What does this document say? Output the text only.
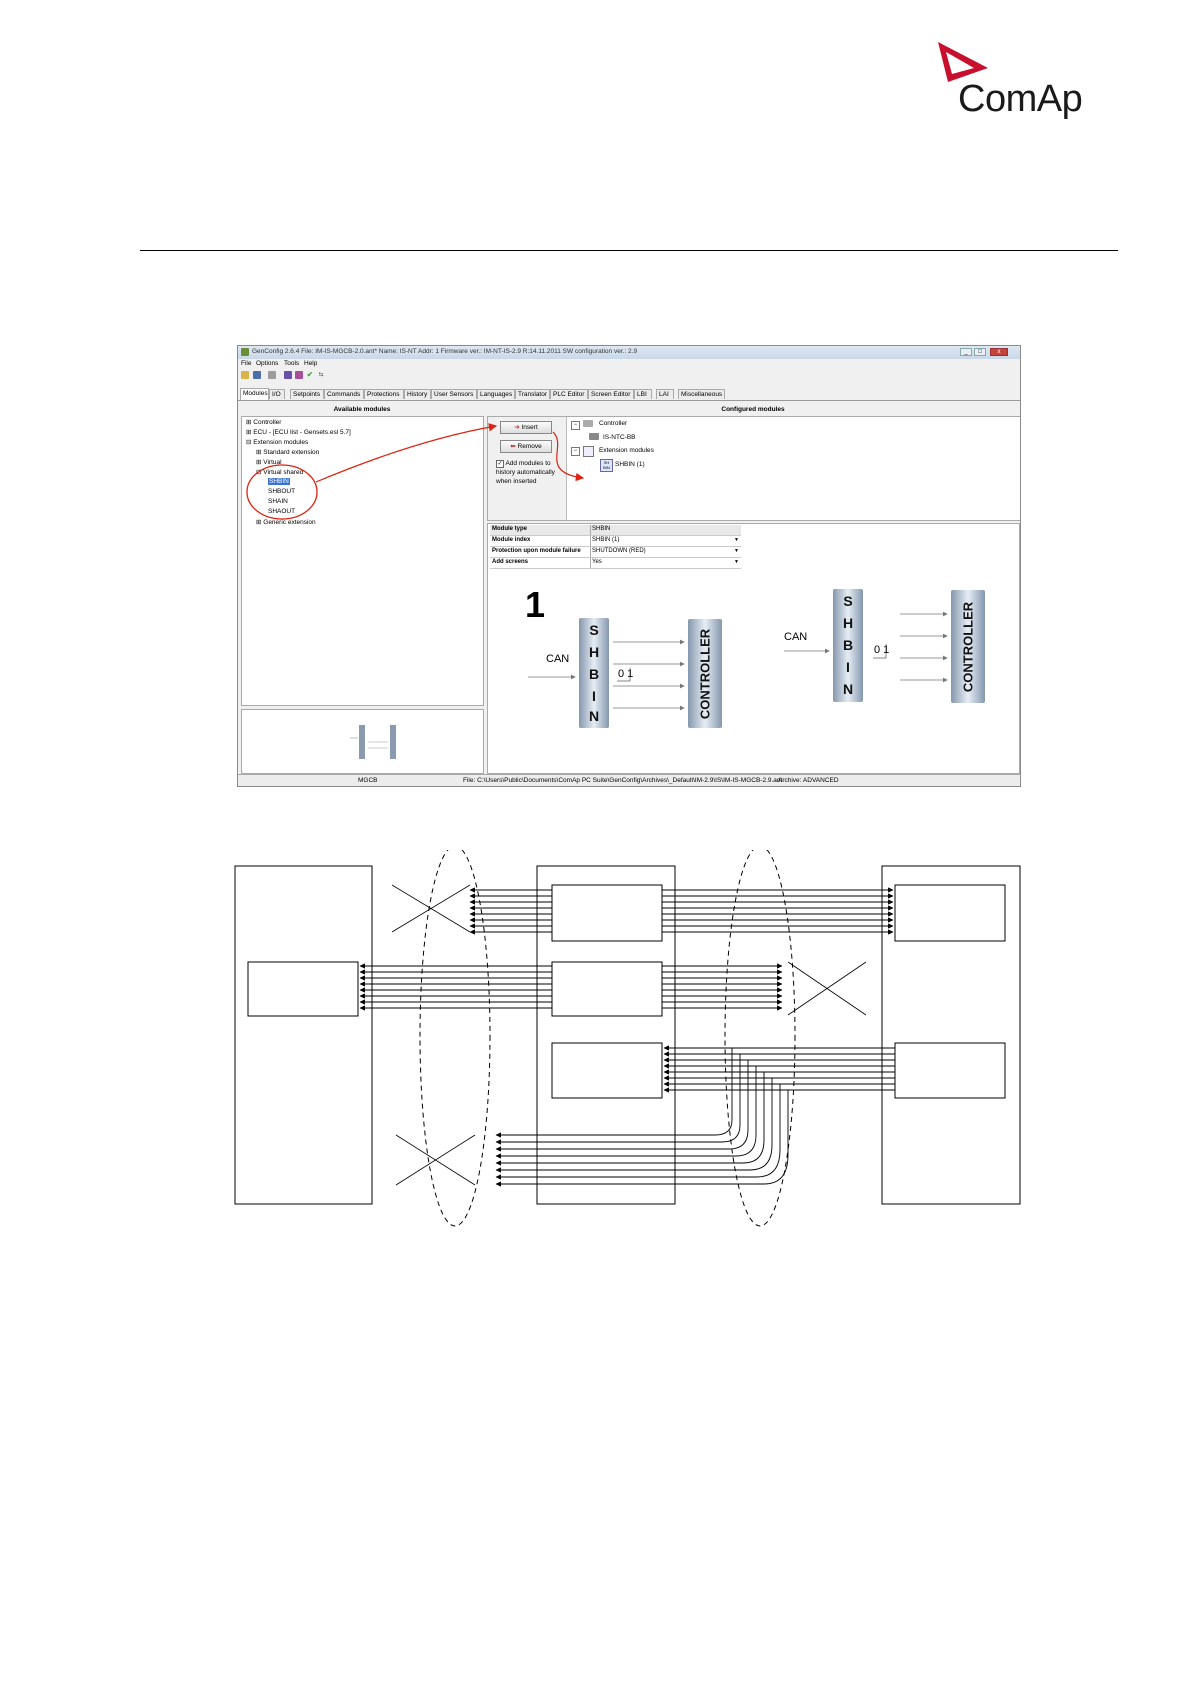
ComAp
GenConfig 2.6.4 File: IM-IS-MGCB-2.0.ant* Name: IS-NT Addr: 1 Firmware ver.: IM-NT-IS-2.9 R:14.11.2011 SW configuration ver.: 2.9	_	□	x
File Options Tools Help
✔ ⇆
Modules I/O	Setpoints	Commands	Protections	History	User Sensors	Languages Translator PLC Editor	Screen Editor	LBI	LAI	Miscellaneous
Available modules
⊞ Controller
⊞ ECU - [ECU list - Gensets.esl 5.7]
⊟ Extension modules
⊞ Standard extension
⊞ Virtual
⊟ Virtual shared
SHBIN
SHBOUT
SHAIN
SHAOUT
⊞ Generic extension
Configured modules
➔ Insert
⬅ Remove
✓ Add modules to history automatically when inserted
−	Controller
IS-NTC-BB
−	Extension modules
SH
BIN SHBIN (1)
Module type	SHBIN
Module index	SHBIN (1)	▼
Protection upon module failure SHUTDOWN (RED)	▼
Add screens	Yes	▼
1
CAN
S
H
B
I
N
0 1	CONTROLLER	CAN
S
H
B
I
N
0 1	CONTROLLER
MGCB	File: C:\Users\Public\Documents\ComAp PC Suite\GenConfig\Archives\_Default\IM-2.9\IS\IM-IS-MGCB-2.9.ant
Archive: ADVANCED
